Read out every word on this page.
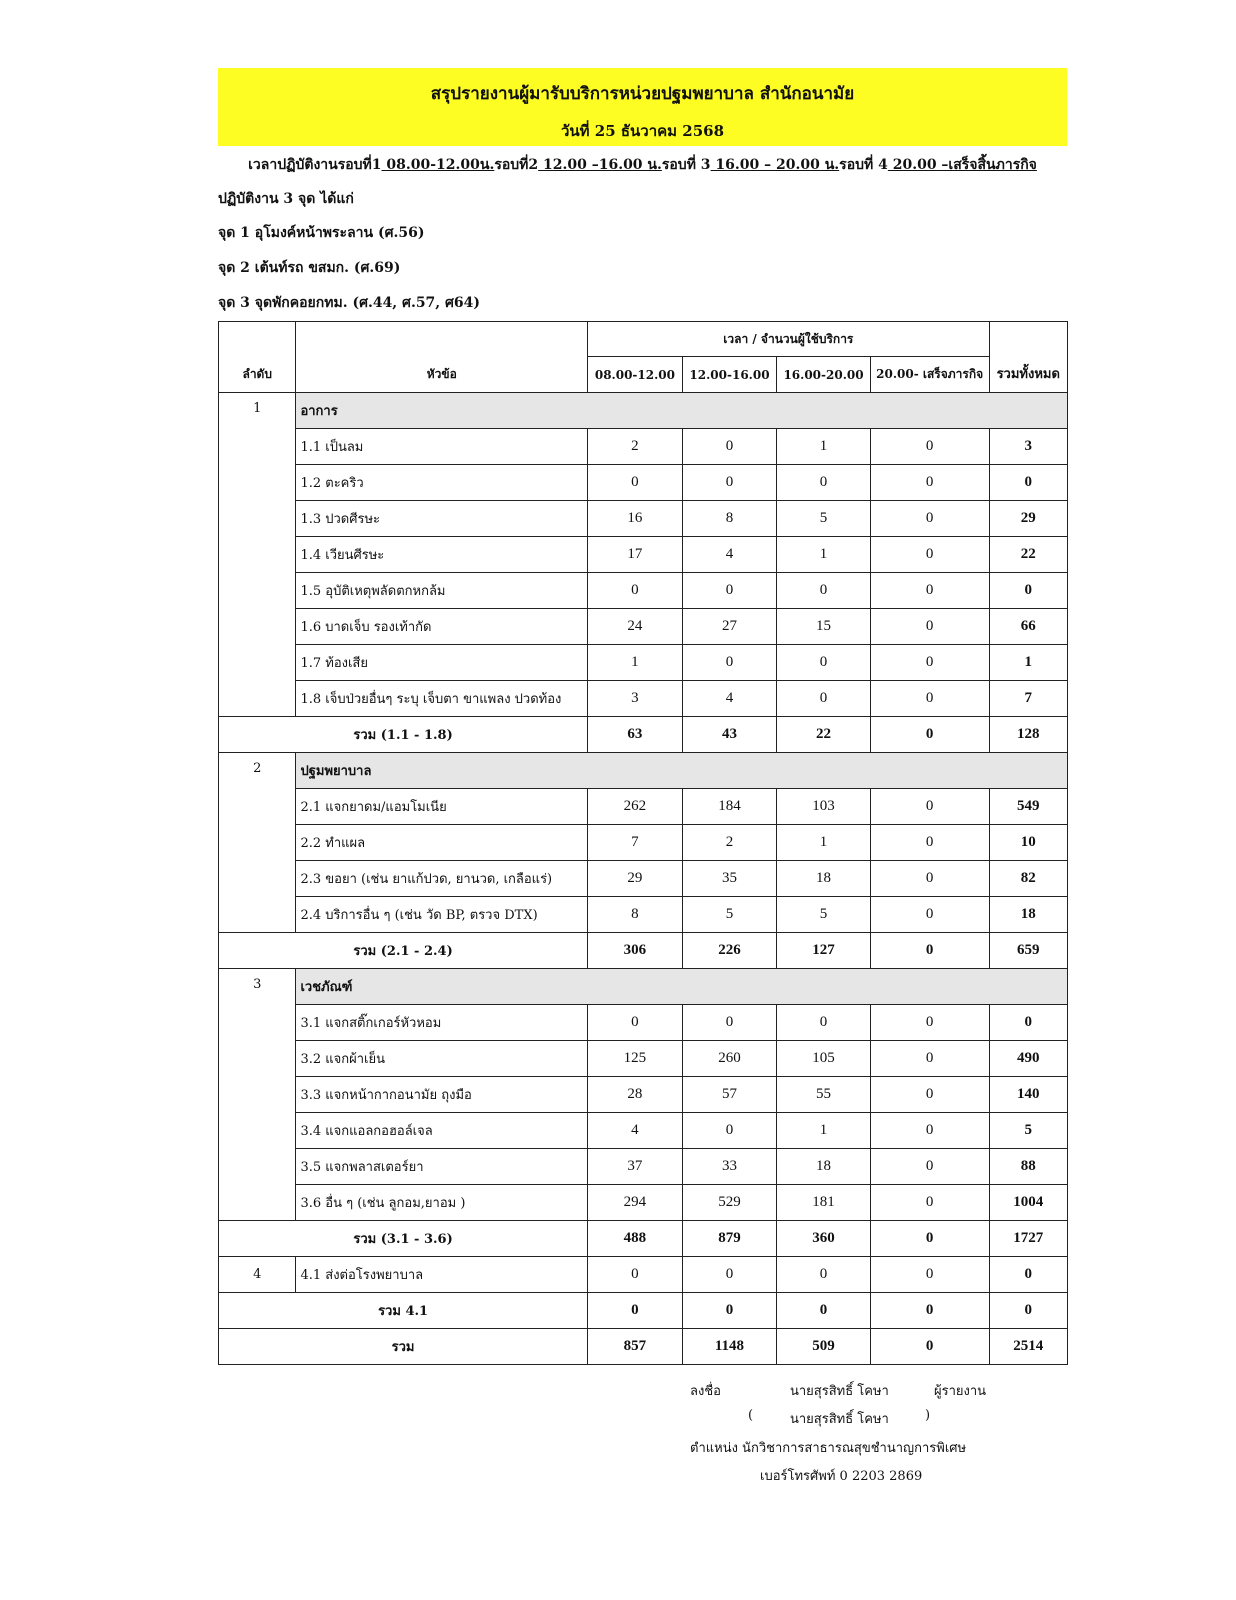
สรุปรายงานผู้มารับบริการหน่วยปฐมพยาบาล สำนักอนามัย
วันที่ 25 ธันวาคม 2568
เวลาปฏิบัติงานรอบที่1 08.00-12.00น.รอบที่2 12.00 –16.00 น.รอบที่ 3 16.00 – 20.00 น.รอบที่ 4 20.00 –เสร็จสิ้นภารกิจ
ปฏิบัติงาน 3 จุด ได้แก่
จุด 1 อุโมงค์หน้าพระลาน (ศ.56)
จุด 2 เต้นท์รถ ขสมก. (ศ.69)
จุด 3 จุดพักคอยกทม. (ศ.44, ศ.57, ศ64)
ลำดับ	หัวข้อ	เวลา / จำนวนผู้ใช้บริการ				รวมทั้งหมด
		08.00-12.00	12.00-16.00	16.00-20.00	20.00- เสร็จภารกิจ	
1	อาการ					
	1.1 เป็นลม	2	0	1	0	3
	1.2 ตะคริว	0	0	0	0	0
	1.3 ปวดศีรษะ	16	8	5	0	29
	1.4 เวียนศีรษะ	17	4	1	0	22
	1.5 อุบัติเหตุพลัดตกหกล้ม	0	0	0	0	0
	1.6 บาดเจ็บ รองเท้ากัด	24	27	15	0	66
	1.7 ท้องเสีย	1	0	0	0	1
	1.8 เจ็บป่วยอื่นๆ ระบุ เจ็บตา ขาแพลง ปวดท้อง	3	4	0	0	7
รวม (1.1 - 1.8)		63	43	22	0	128
2	ปฐมพยาบาล					
	2.1 แจกยาดม/แอมโมเนีย	262	184	103	0	549
	2.2 ทำแผล	7	2	1	0	10
	2.3 ขอยา (เช่น ยาแก้ปวด, ยานวด, เกลือแร่)	29	35	18	0	82
	2.4 บริการอื่น ๆ (เช่น วัด BP, ตรวจ DTX)	8	5	5	0	18
รวม (2.1 - 2.4)		306	226	127	0	659
3	เวชภัณฑ์					
	3.1 แจกสติ๊กเกอร์หัวหอม	0	0	0	0	0
	3.2 แจกผ้าเย็น	125	260	105	0	490
	3.3 แจกหน้ากากอนามัย ถุงมือ	28	57	55	0	140
	3.4 แจกแอลกอฮอล์เจล	4	0	1	0	5
	3.5 แจกพลาสเตอร์ยา	37	33	18	0	88
	3.6 อื่น ๆ (เช่น ลูกอม,ยาอม )	294	529	181	0	1004
รวม (3.1 - 3.6)		488	879	360	0	1727
4	4.1 ส่งต่อโรงพยาบาล	0	0	0	0	0
รวม 4.1		0	0	0	0	0
รวม		857	1148	509	0	2514
ลงชื่อ	นายสุรสิทธิ์ โคษา	ผู้รายงาน
(	นายสุรสิทธิ์ โคษา	)
ตำแหน่ง นักวิชาการสาธารณสุขชำนาญการพิเศษ
เบอร์โทรศัพท์ 0 2203 2869
